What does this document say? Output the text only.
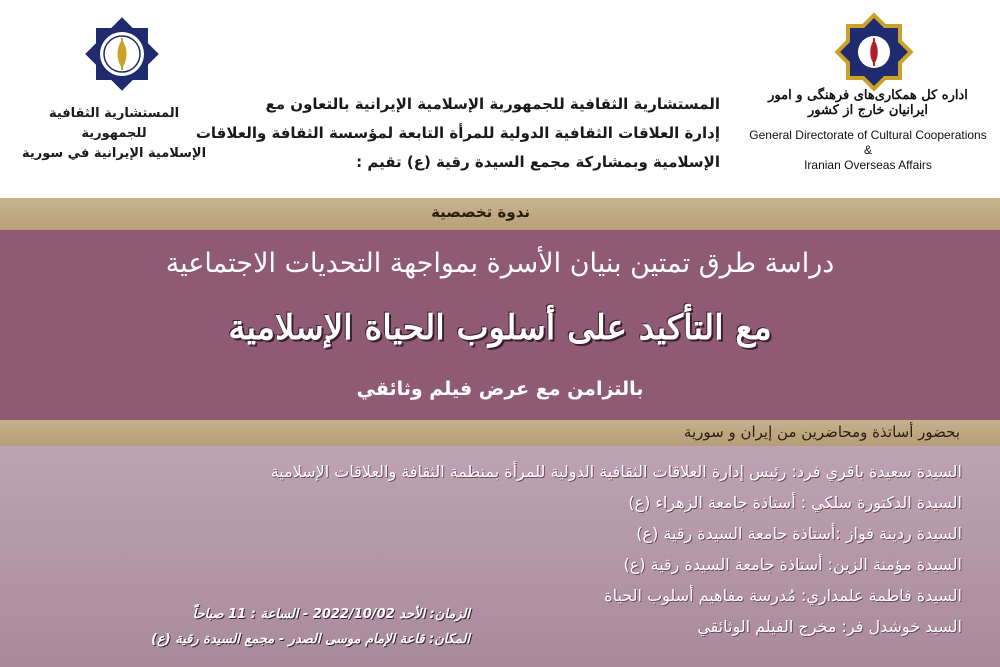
المستشارية الثقافية للجمهورية
الإسلامية الإيرانية في سورية
المستشارية الثقافية للجمهورية الإسلامية الإيرانية بالتعاون مع
إدارة العلاقات الثقافية الدولية للمرأة التابعة لمؤسسة الثقافة والعلاقات
الإسلامية وبمشاركة مجمع السيدة رقية (ع) تقيم :
اداره کل همکاری‌های فرهنگی و امور ایرانیان خارج از کشور
General Directorate of Cultural Cooperations
&
Iranian Overseas Affairs
ندوة تخصصية
دراسة طرق تمتين بنيان الأسرة بمواجهة التحديات الاجتماعية
مع التأكيد على أسلوب الحياة الإسلامية
بالتزامن مع عرض فيلم وثائقي
بحضور أساتذة ومحاضرين من إيران و سورية
السيدة سعيدة باقري فرد: رئيس إدارة العلاقات الثقافية الدولية للمرأة بمنظمة الثقافة والعلاقات الإسلامية
السيدة الدكتورة سلكي : أستاذة جامعة الزهراء (ع)
السيدة ردينة فواز :أستاذة جامعة السيدة رقية (ع)
السيدة مؤمنة الزين: أستاذة جامعة السيدة رقية (ع)
السيدة فاطمة علمداري: مُدرسة مفاهيم أسلوب الحياة
السيد خوشدل فر: مخرج الفيلم الوثائقي
الزمان: الأحد 2022/10/02 - الساعة : 11 صباحاً
المكان: قاعة الإمام موسى الصدر - مجمع السيدة رقية (ع)
